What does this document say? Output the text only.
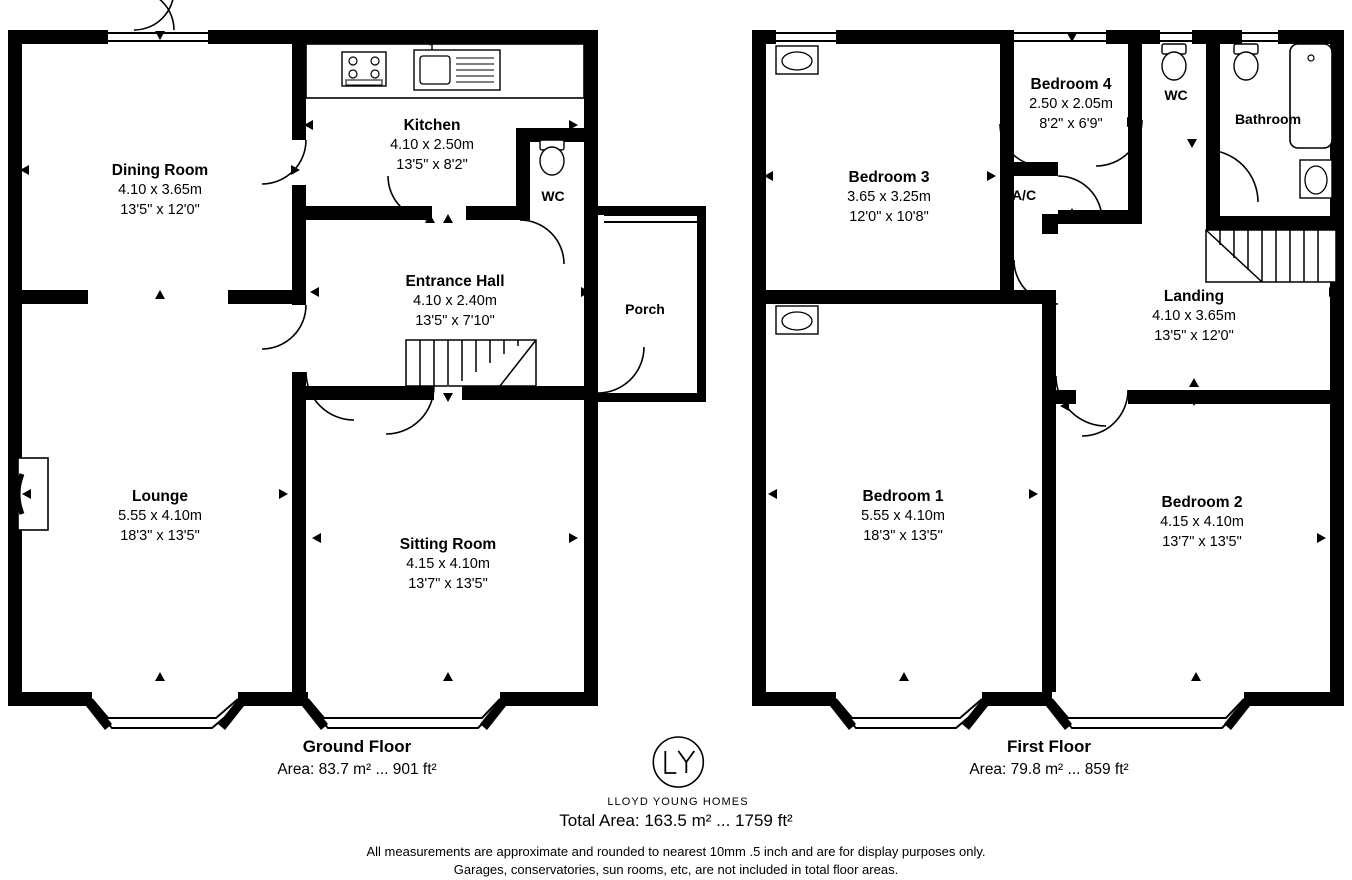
Kitchen
4.10 x 2.50m
13'5" x 8'2"
Dining Room
4.10 x 3.65m
13'5" x 12'0"
WC
Entrance Hall
4.10 x 2.40m
13'5" x 7'10"
Porch
Lounge
5.55 x 4.10m
18'3" x 13'5"
Sitting Room
4.15 x 4.10m
13'7" x 13'5"
Bedroom 4
2.50 x 2.05m
8'2" x 6'9"
WC
Bathroom
Bedroom 3
3.65 x 3.25m
12'0" x 10'8"
A/C
Landing
4.10 x 3.65m
13'5" x 12'0"
Bedroom 1
5.55 x 4.10m
18'3" x 13'5"
Bedroom 2
4.15 x 4.10m
13'7" x 13'5"
Ground Floor
Area: 83.7 m² ... 901 ft²
First Floor
Area: 79.8 m² ... 859 ft²
LLOYD YOUNG HOMES
Total Area: 163.5 m² ... 1759 ft²
All measurements are approximate and rounded to nearest 10mm .5 inch and are for display purposes only.
Garages, conservatories, sun rooms, etc, are not included in total floor areas.
